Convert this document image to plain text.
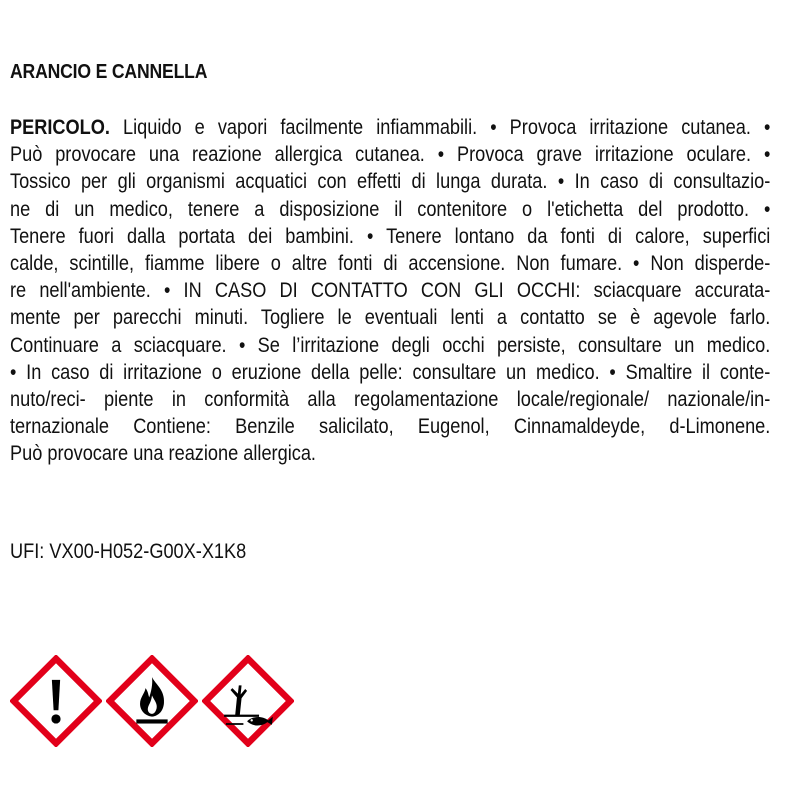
ARANCIO E CANNELLA
PERICOLO. Liquido e vapori facilmente infiammabili. • Provoca irritazione cutanea. •
Può provocare una reazione allergica cutanea. • Provoca grave irritazione oculare. •
Tossico per gli organismi acquatici con effetti di lunga durata. • In caso di consultazio-
ne di un medico, tenere a disposizione il contenitore o l'etichetta del prodotto. •
Tenere fuori dalla portata dei bambini. • Tenere lontano da fonti di calore, superfici
calde, scintille, fiamme libere o altre fonti di accensione. Non fumare. • Non disperde-
re nell'ambiente. • IN CASO DI CONTATTO CON GLI OCCHI: sciacquare accurata-
mente per parecchi minuti. Togliere le eventuali lenti a contatto se è agevole farlo.
Continuare a sciacquare. • Se l’irritazione degli occhi persiste, consultare un medico.
• In caso di irritazione o eruzione della pelle: consultare un medico. • Smaltire il conte-
nuto/reci- piente in conformità alla regolamentazione locale/regionale/ nazionale/in-
ternazionale Contiene: Benzile salicilato, Eugenol, Cinnamaldeyde, d-Limonene.
Può provocare una reazione allergica.
UFI: VX00-H052-G00X-X1K8
